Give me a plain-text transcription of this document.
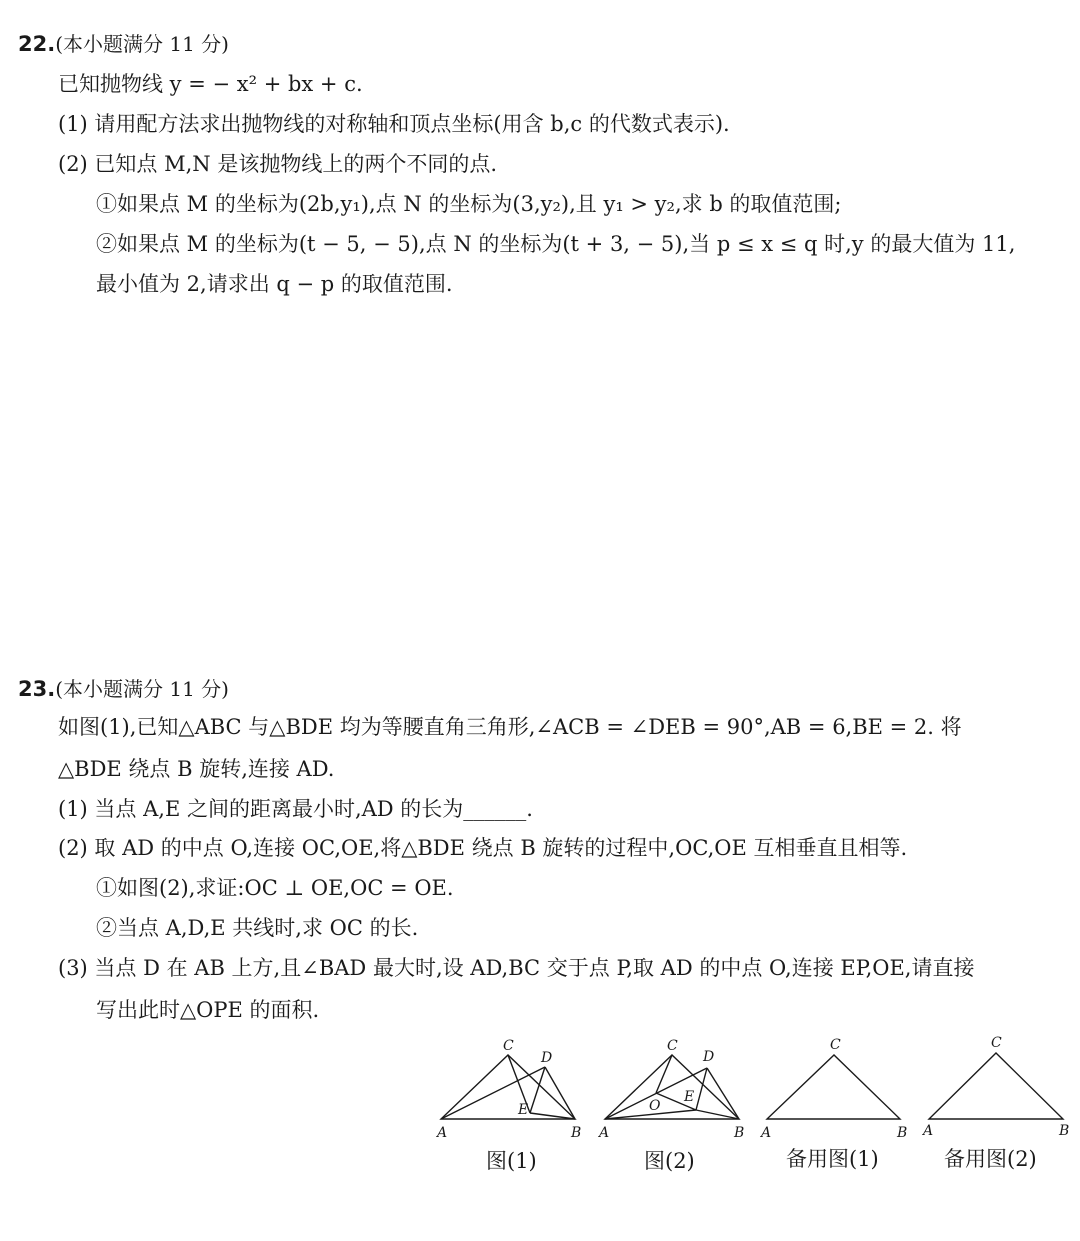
22.(本小题满分 11 分)
已知抛物线 y = − x² + bx + c.
(1) 请用配方法求出抛物线的对称轴和顶点坐标(用含 b,c 的代数式表示).
(2) 已知点 M,N 是该抛物线上的两个不同的点.
①如果点 M 的坐标为(2b,y₁),点 N 的坐标为(3,y₂),且 y₁ > y₂,求 b 的取值范围;
②如果点 M 的坐标为(t − 5, − 5),点 N 的坐标为(t + 3, − 5),当 p ≤ x ≤ q 时,y 的最大值为 11,
最小值为 2,请求出 q − p 的取值范围.
23.(本小题满分 11 分)
如图(1),已知△ABC 与△BDE 均为等腰直角三角形,∠ACB = ∠DEB = 90°,AB = 6,BE = 2. 将
△BDE 绕点 B 旋转,连接 AD.
(1) 当点 A,E 之间的距离最小时,AD 的长为______.
(2) 取 AD 的中点 O,连接 OC,OE,将△BDE 绕点 B 旋转的过程中,OC,OE 互相垂直且相等.
①如图(2),求证:OC ⊥ OE,OC = OE.
②当点 A,D,E 共线时,求 OC 的长.
(3) 当点 D 在 AB 上方,且∠BAD 最大时,设 AD,BC 交于点 P,取 AD 的中点 O,连接 EP,OE,请直接
写出此时△OPE 的面积.
A	B
C
D
E
A	B
C
D
E
O
A	B
C
A	B
C
图(1)	图(2)	备用图(1)	备用图(2)
